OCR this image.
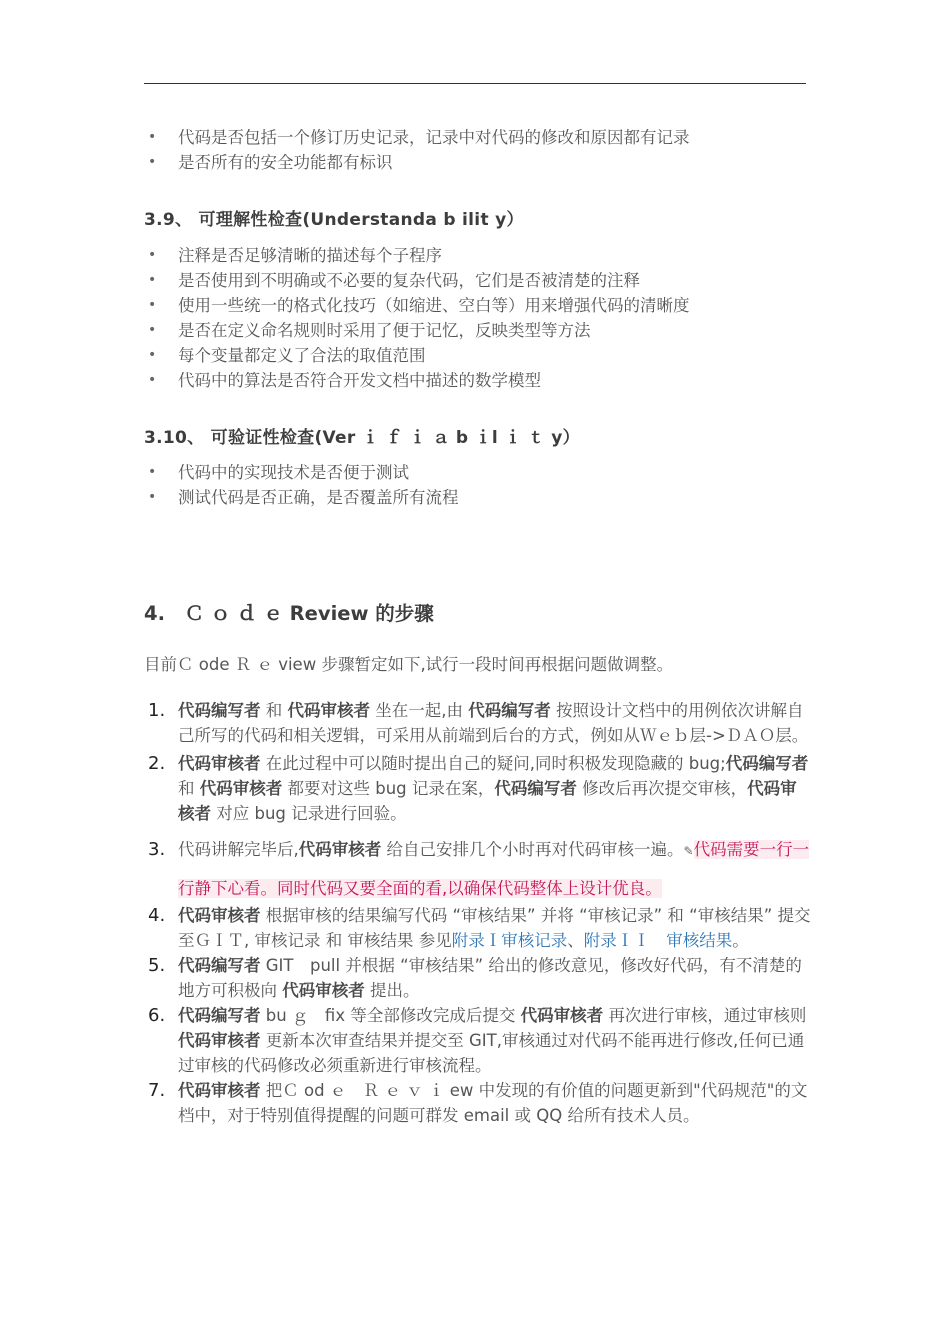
• 代码是否包括一个修订历史记录，记录中对代码的修改和原因都有记录
• 是否所有的安全功能都有标识
3.9、 可理解性检查(Understanda b ilit y）
• 注释是否足够清晰的描述每个子程序
• 是否使用到不明确或不必要的复杂代码，它们是否被清楚的注释
• 使用一些统一的格式化技巧（如缩进、空白等）用来增强代码的清晰度
• 是否在定义命名规则时采用了便于记忆，反映类型等方法
• 每个变量都定义了合法的取值范围
• 代码中的算法是否符合开发文档中描述的数学模型
3.10、 可验证性检查(Ver ｉ ｆ ｉ ａ b ｉl ｉ ｔ y）
• 代码中的实现技术是否便于测试
• 测试代码是否正确，是否覆盖所有流程
4.　Ｃ ｏ ｄ ｅ Review 的步骤
目前Ｃ ode Ｒ ｅ view 步骤暂定如下,试行一段时间再根据问题做调整。
1. 代码编写者 和 代码审核者 坐在一起,由 代码编写者 按照设计文档中的用例依次讲解自己所写的代码和相关逻辑，可采用从前端到后台的方式，例如从Ｗｅｂ层->ＤＡＯ层。
2. 代码审核者 在此过程中可以随时提出自己的疑问,同时积极发现隐藏的 bug;代码编写者 和 代码审核者 都要对这些 bug 记录在案，代码编写者 修改后再次提交审核，代码审核者 对应 bug 记录进行回验。
3. 代码讲解完毕后,代码审核者 给自己安排几个小时再对代码审核一遍。✎代码需要一行一行静下心看。同时代码又要全面的看,以确保代码整体上设计优良。
4. 代码审核者 根据审核的结果编写代码 “审核结果” 并将 “审核记录” 和 “审核结果” 提交至ＧＩＴ, 审核记录 和 审核结果 参见附录Ｉ审核记录、附录ＩＩ　审核结果。
5. 代码编写者 GIT　pull 并根据 “审核结果” 给出的修改意见，修改好代码，有不清楚的地方可积极向 代码审核者 提出。
6. 代码编写者 bu ｇ　fix 等全部修改完成后提交 代码审核者 再次进行审核，通过审核则 代码审核者 更新本次审查结果并提交至 GIT,审核通过对代码不能再进行修改,任何已通过审核的代码修改必须重新进行审核流程。
7. 代码审核者 把Ｃ od ｅ　Ｒ ｅ ｖ ｉ ew 中发现的有价值的问题更新到"代码规范"的文档中，对于特别值得提醒的问题可群发 email 或 QQ 给所有技术人员。
